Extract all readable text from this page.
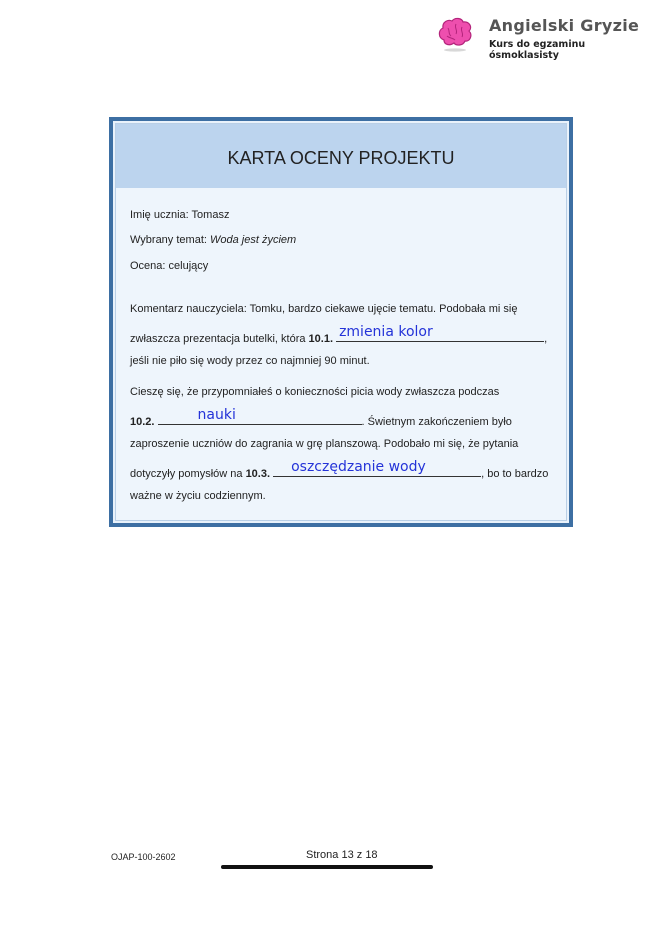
Angielski Gryzie
Kurs do egzaminu ósmoklasisty
KARTA OCENY PROJEKTU
Imię ucznia: Tomasz
Wybrany temat: Woda jest życiem
Ocena: celujący
Komentarz nauczyciela: Tomku, bardzo ciekawe ujęcie tematu. Podobała mi się
zwłaszcza prezentacja butelki, która 10.1. zmienia kolor	,
jeśli nie piło się wody przez co najmniej 90 minut.
Cieszę się, że przypomniałeś o konieczności picia wody zwłaszcza podczas
10.2.	nauki	. Świetnym zakończeniem było
zaproszenie uczniów do zagrania w grę planszową. Podobało mi się, że pytania
dotyczyły pomysłów na 10.3. oszczędzanie wody	, bo to bardzo
ważne w życiu codziennym.
OJAP-100-2602	Strona 13 z 18
